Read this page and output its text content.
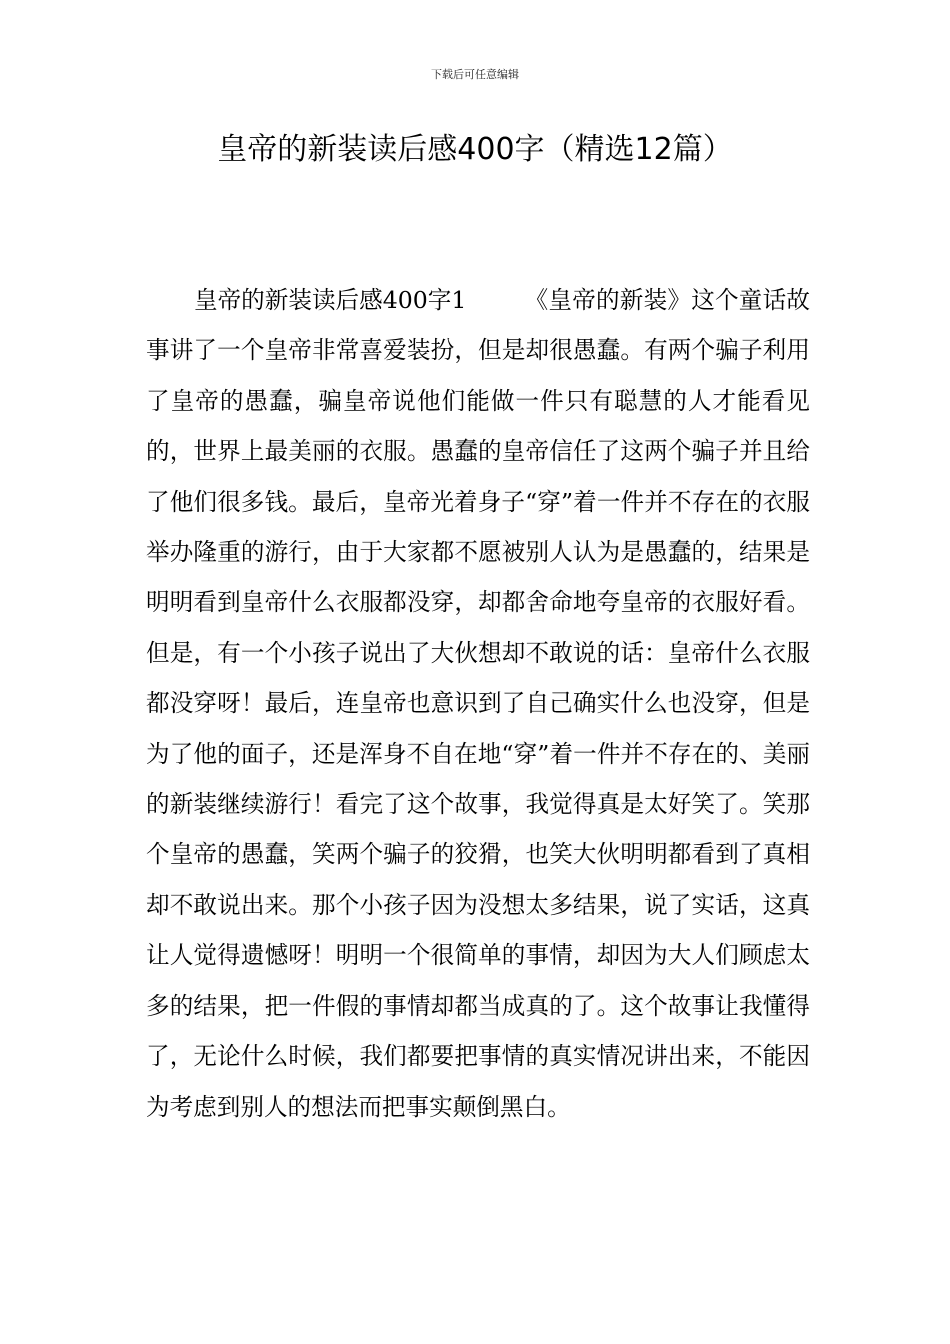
下载后可任意编辑
皇帝的新装读后感400字（精选12篇）

皇帝的新装读后感400字1 《皇帝的新装》这个童话故事讲了一个皇帝非常喜爱装扮，但是却很愚蠢。有两个骗子利用了皇帝的愚蠢，骗皇帝说他们能做一件只有聪慧的人才能看见的，世界上最美丽的衣服。愚蠢的皇帝信任了这两个骗子并且给了他们很多钱。最后，皇帝光着身子“穿”着一件并不存在的衣服举办隆重的游行，由于大家都不愿被别人认为是愚蠢的，结果是明明看到皇帝什么衣服都没穿，却都舍命地夸皇帝的衣服好看。但是，有一个小孩子说出了大伙想却不敢说的话：皇帝什么衣服都没穿呀！最后，连皇帝也意识到了自己确实什么也没穿，但是为了他的面子，还是浑身不自在地“穿”着一件并不存在的、美丽的新装继续游行！看完了这个故事，我觉得真是太好笑了。笑那个皇帝的愚蠢，笑两个骗子的狡猾，也笑大伙明明都看到了真相却不敢说出来。那个小孩子因为没想太多结果，说了实话，这真让人觉得遗憾呀！明明一个很简单的事情，却因为大人们顾虑太多的结果，把一件假的事情却都当成真的了。这个故事让我懂得了，无论什么时候，我们都要把事情的真实情况讲出来，不能因为考虑到别人的想法而把事实颠倒黑白。
